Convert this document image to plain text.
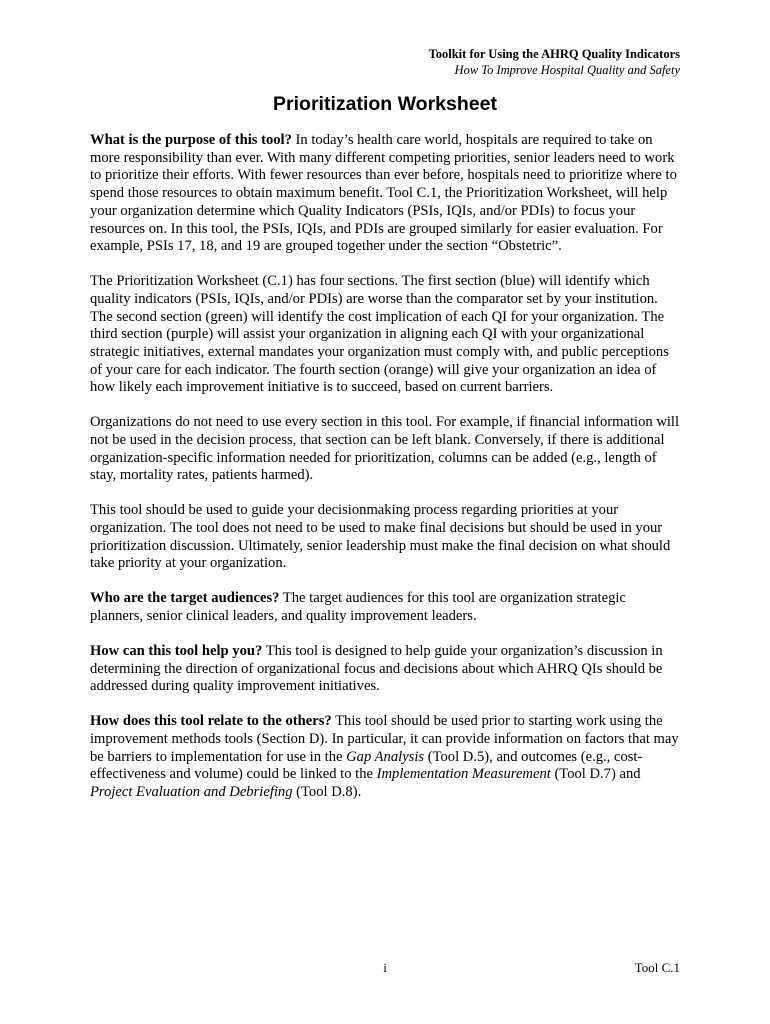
Toolkit for Using the AHRQ Quality Indicators
How To Improve Hospital Quality and Safety
Prioritization Worksheet

What is the purpose of this tool? In today’s health care world, hospitals are required to take on more responsibility than ever. With many different competing priorities, senior leaders need to work to prioritize their efforts. With fewer resources than ever before, hospitals need to prioritize where to spend those resources to obtain maximum benefit. Tool C.1, the Prioritization Worksheet, will help your organization determine which Quality Indicators (PSIs, IQIs, and/or PDIs) to focus your resources on. In this tool, the PSIs, IQIs, and PDIs are grouped similarly for easier evaluation. For example, PSIs 17, 18, and 19 are grouped together under the section “Obstetric”.

The Prioritization Worksheet (C.1) has four sections. The first section (blue) will identify which quality indicators (PSIs, IQIs, and/or PDIs) are worse than the comparator set by your institution. The second section (green) will identify the cost implication of each QI for your organization. The third section (purple) will assist your organization in aligning each QI with your organizational strategic initiatives, external mandates your organization must comply with, and public perceptions of your care for each indicator. The fourth section (orange) will give your organization an idea of how likely each improvement initiative is to succeed, based on current barriers.

Organizations do not need to use every section in this tool. For example, if financial information will not be used in the decision process, that section can be left blank. Conversely, if there is additional organization-specific information needed for prioritization, columns can be added (e.g., length of stay, mortality rates, patients harmed).

This tool should be used to guide your decisionmaking process regarding priorities at your organization. The tool does not need to be used to make final decisions but should be used in your prioritization discussion. Ultimately, senior leadership must make the final decision on what should take priority at your organization.

Who are the target audiences? The target audiences for this tool are organization strategic planners, senior clinical leaders, and quality improvement leaders.

How can this tool help you? This tool is designed to help guide your organization’s discussion in determining the direction of organizational focus and decisions about which AHRQ QIs should be addressed during quality improvement initiatives.

How does this tool relate to the others? This tool should be used prior to starting work using the improvement methods tools (Section D). In particular, it can provide information on factors that may be barriers to implementation for use in the Gap Analysis (Tool D.5), and outcomes (e.g., cost-effectiveness and volume) could be linked to the Implementation Measurement (Tool D.7) and Project Evaluation and Debriefing (Tool D.8).

i	Tool C.1
